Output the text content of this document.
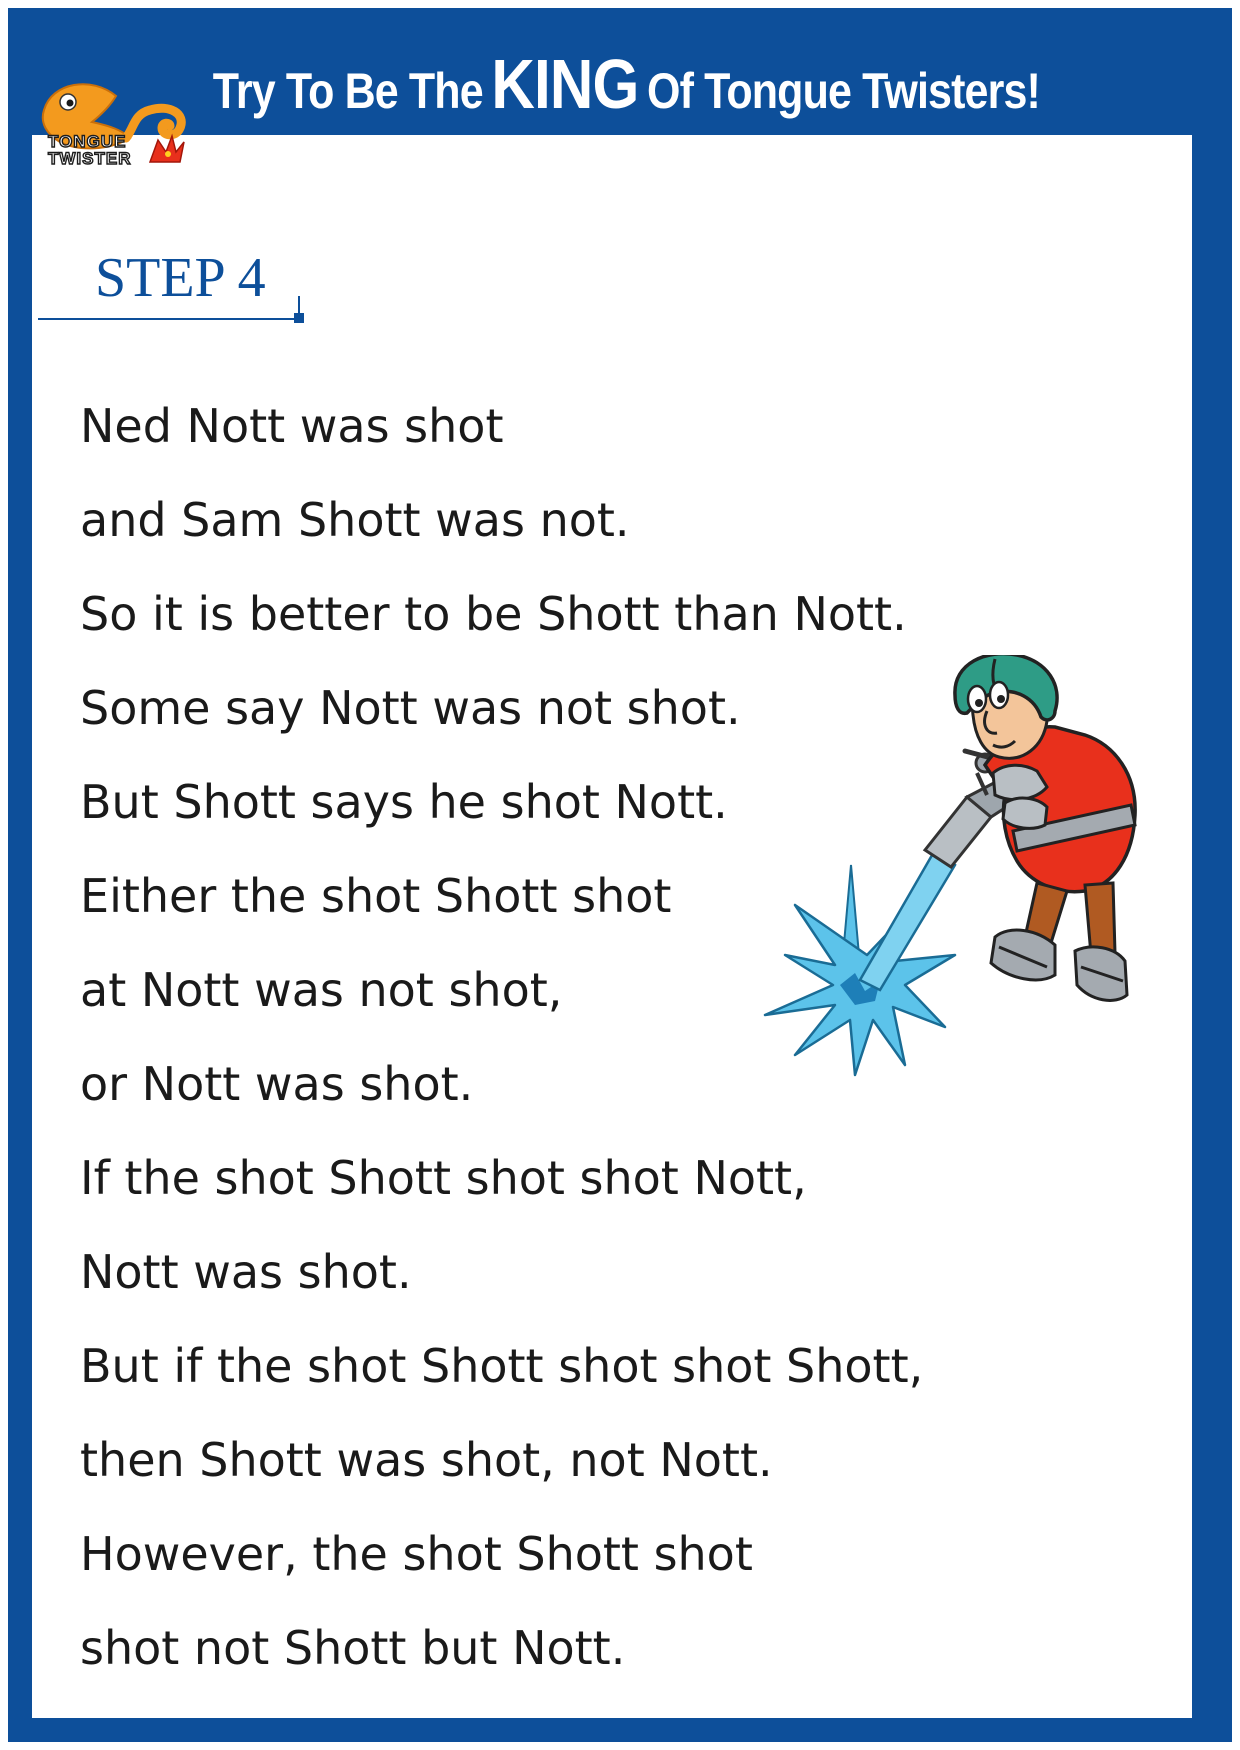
Try To Be The KING Of Tongue Twisters!
TONGUE
TWISTER
STEP 4
Ned Nott was shot
and Sam Shott was not.
So it is better to be Shott than Nott.
Some say Nott was not shot.
But Shott says he shot Nott.
Either the shot Shott shot
at Nott was not shot,
or Nott was shot.
If the shot Shott shot shot Nott,
Nott was shot.
But if the shot Shott shot shot Shott,
then Shott was shot, not Nott.
However, the shot Shott shot
shot not Shott but Nott.
